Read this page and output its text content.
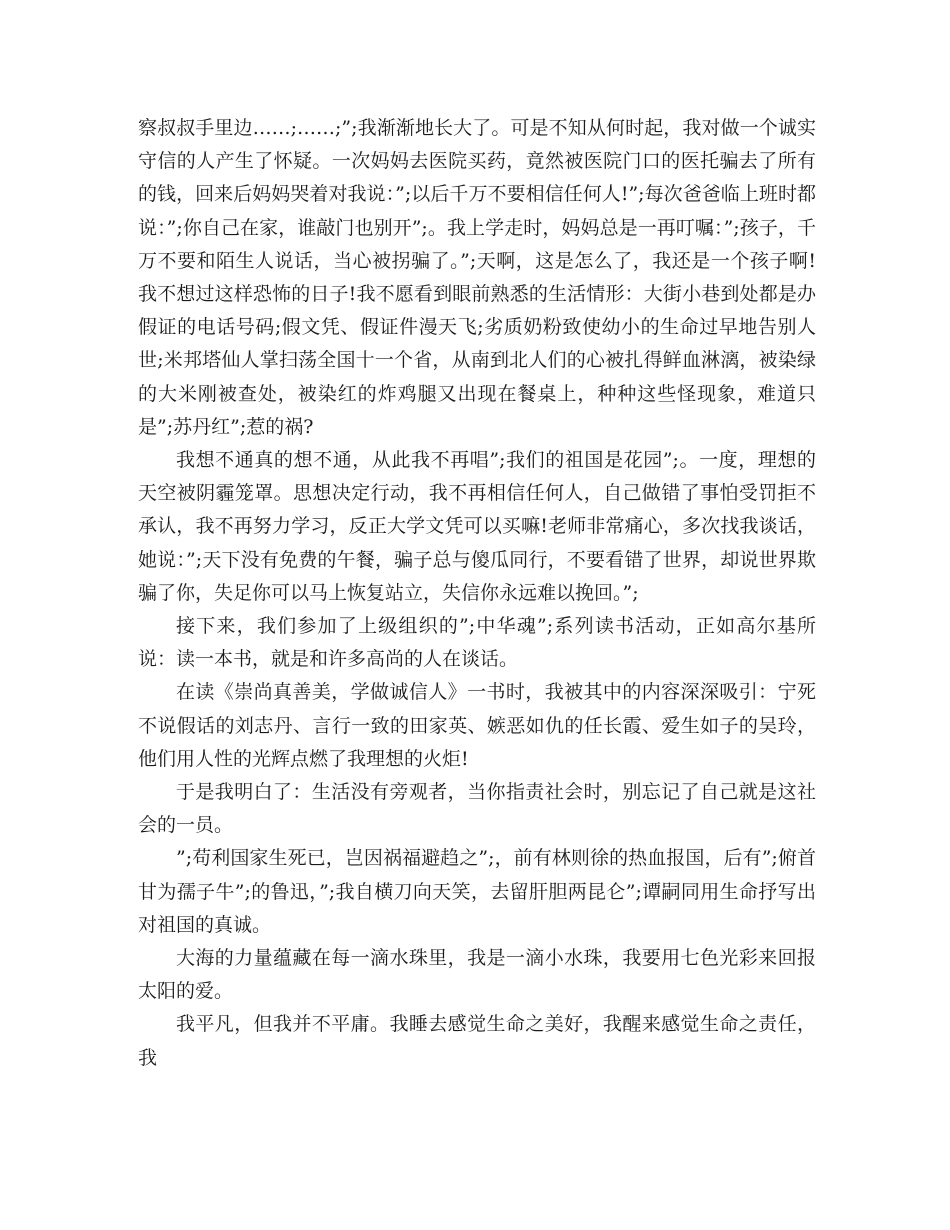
察叔叔手里边……;……;”;我渐渐地长大了。可是不知从何时起，我对做一个诚实守信的人产生了怀疑。一次妈妈去医院买药，竟然被医院门口的医托骗去了所有的钱，回来后妈妈哭着对我说：”;以后千万不要相信任何人!”;每次爸爸临上班时都说：”;你自己在家，谁敲门也别开”;。我上学走时，妈妈总是一再叮嘱：”;孩子，千万不要和陌生人说话，当心被拐骗了。”;天啊，这是怎么了，我还是一个孩子啊!我不想过这样恐怖的日子!我不愿看到眼前熟悉的生活情形：大街小巷到处都是办假证的电话号码;假文凭、假证件漫天飞;劣质奶粉致使幼小的生命过早地告别人世;米邦塔仙人掌扫荡全国十一个省，从南到北人们的心被扎得鲜血淋漓，被染绿的大米刚被查处，被染红的炸鸡腿又出现在餐桌上，种种这些怪现象，难道只是”;苏丹红”;惹的祸?

我想不通真的想不通，从此我不再唱”;我们的祖国是花园”;。一度，理想的天空被阴霾笼罩。思想决定行动，我不再相信任何人，自己做错了事怕受罚拒不承认，我不再努力学习，反正大学文凭可以买嘛!老师非常痛心，多次找我谈话，她说：”;天下没有免费的午餐，骗子总与傻瓜同行，不要看错了世界，却说世界欺骗了你，失足你可以马上恢复站立，失信你永远难以挽回。”;

接下来，我们参加了上级组织的”;中华魂”;系列读书活动，正如高尔基所说：读一本书，就是和许多高尚的人在谈话。

在读《崇尚真善美，学做诚信人》一书时，我被其中的内容深深吸引：宁死不说假话的刘志丹、言行一致的田家英、嫉恶如仇的任长霞、爱生如子的吴玲，他们用人性的光辉点燃了我理想的火炬!

于是我明白了：生活没有旁观者，当你指责社会时，别忘记了自己就是这社会的一员。

”;苟利国家生死已，岂因祸福避趋之”;，前有林则徐的热血报国，后有”;俯首甘为孺子牛”;的鲁迅，”;我自横刀向天笑，去留肝胆两昆仑”;谭嗣同用生命抒写出对祖国的真诚。

大海的力量蕴藏在每一滴水珠里，我是一滴小水珠，我要用七色光彩来回报太阳的爱。

我平凡，但我并不平庸。我睡去感觉生命之美好，我醒来感觉生命之责任，我
